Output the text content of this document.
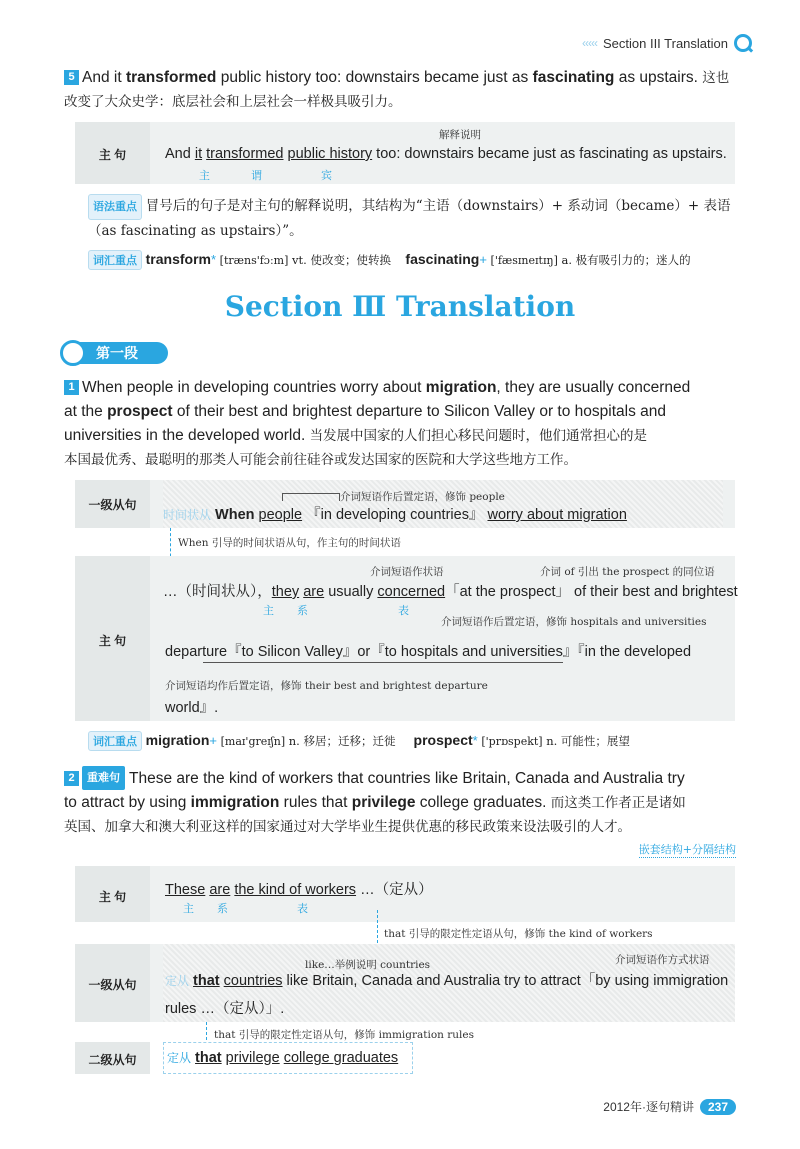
‹‹‹‹‹ Section III Translation
5 And it transformed public history too: downstairs became just as fascinating as upstairs. 这也改变了大众史学：底层社会和上层社会一样极具吸引力。
主 句
解释说明
And it transformed public history too: downstairs became just as fascinating as upstairs.
主	谓	宾
语法重点 冒号后的句子是对主句的解释说明，其结构为“主语（downstairs）+ 系动词（became）+ 表语（as fascinating as upstairs）”。
词汇重点 transform* [træns'fɔːm] vt. 使改变；使转换 fascinating+ ['fæsɪneɪtɪŋ] a. 极有吸引力的；迷人的
Section Ⅲ Translation
第一段
1 When people in developing countries worry about migration, they are usually concerned
at the prospect of their best and brightest departure to Silicon Valley or to hospitals and
universities in the developed world. 当发展中国家的人们担心移民问题时，他们通常担心的是
本国最优秀、最聪明的那类人可能会前往硅谷或发达国家的医院和大学这些地方工作。
一级从句
介词短语作后置定语，修饰 people
时间状从 When people 『in developing countries』 worry about migration
When 引导的时间状语从句，作主句的时间状语
主 句
介词短语作状语	介词 of 引出 the prospect 的同位语
…（时间状从），they are usually concerned「at the prospect」 of their best and brightest
主 系	表
介词短语作后置定语，修饰 hospitals and universities
departure『to Silicon Valley』or『to hospitals and universities』『in the developed
介词短语均作后置定语，修饰 their best and brightest departure
world』.
词汇重点 migration+ [maɪ'greɪʃn] n. 移居；迁移；迁徙 prospect* ['prɒspekt] n. 可能性；展望
2 重难句 These are the kind of workers that countries like Britain, Canada and Australia try
to attract by using immigration rules that privilege college graduates. 而这类工作者正是诸如
英国、加拿大和澳大利亚这样的国家通过对大学毕业生提供优惠的移民政策来设法吸引的人才。
嵌套结构+分隔结构
主 句	These are the kind of workers …（定从）
主 系	表
that 引导的限定性定语从句，修饰 the kind of workers
一级从句
like…举例说明 countries	介词短语作方式状语
定从 that countries like Britain, Canada and Australia try to attract「by using immigration
rules …（定从）」.
that 引导的限定性定语从句，修饰 immigration rules
二级从句	定从 that privilege college graduates
2012年·逐句精讲	237
